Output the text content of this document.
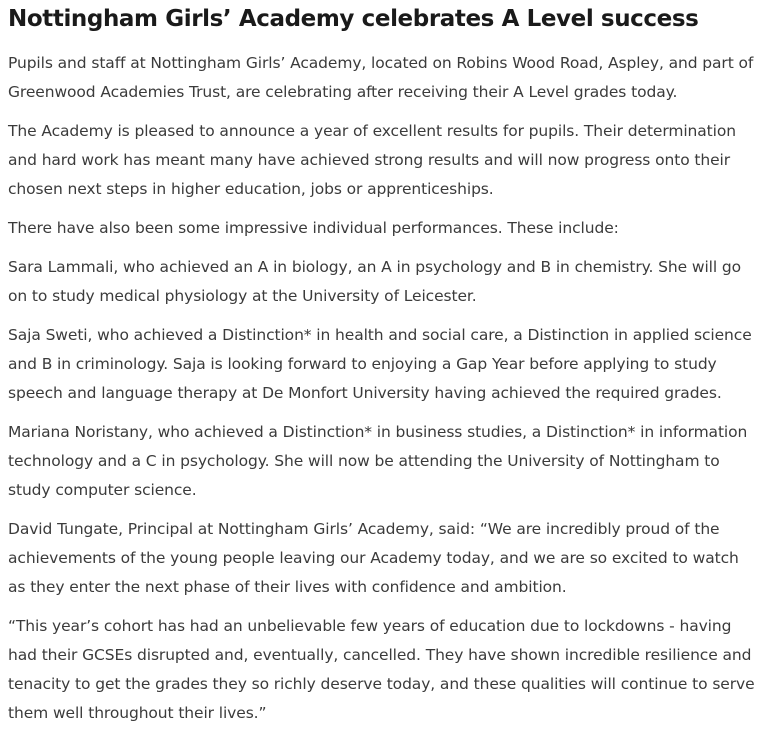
Nottingham Girls’ Academy celebrates A Level success

Pupils and staff at Nottingham Girls’ Academy, located on Robins Wood Road, Aspley, and part of Greenwood Academies Trust, are celebrating after receiving their A Level grades today.

The Academy is pleased to announce a year of excellent results for pupils. Their determination and hard work has meant many have achieved strong results and will now progress onto their chosen next steps in higher education, jobs or apprenticeships.

There have also been some impressive individual performances. These include:

Sara Lammali, who achieved an A in biology, an A in psychology and B in chemistry. She will go on to study medical physiology at the University of Leicester.

Saja Sweti, who achieved a Distinction* in health and social care, a Distinction in applied science and B in criminology. Saja is looking forward to enjoying a Gap Year before applying to study speech and language therapy at De Monfort University having achieved the required grades.

Mariana Noristany, who achieved a Distinction* in business studies, a Distinction* in information technology and a C in psychology. She will now be attending the University of Nottingham to study computer science.

David Tungate, Principal at Nottingham Girls’ Academy, said: “We are incredibly proud of the achievements of the young people leaving our Academy today, and we are so excited to watch as they enter the next phase of their lives with confidence and ambition.

“This year’s cohort has had an unbelievable few years of education due to lockdowns - having had their GCSEs disrupted and, eventually, cancelled. They have shown incredible resilience and tenacity to get the grades they so richly deserve today, and these qualities will continue to serve them well throughout their lives.”
